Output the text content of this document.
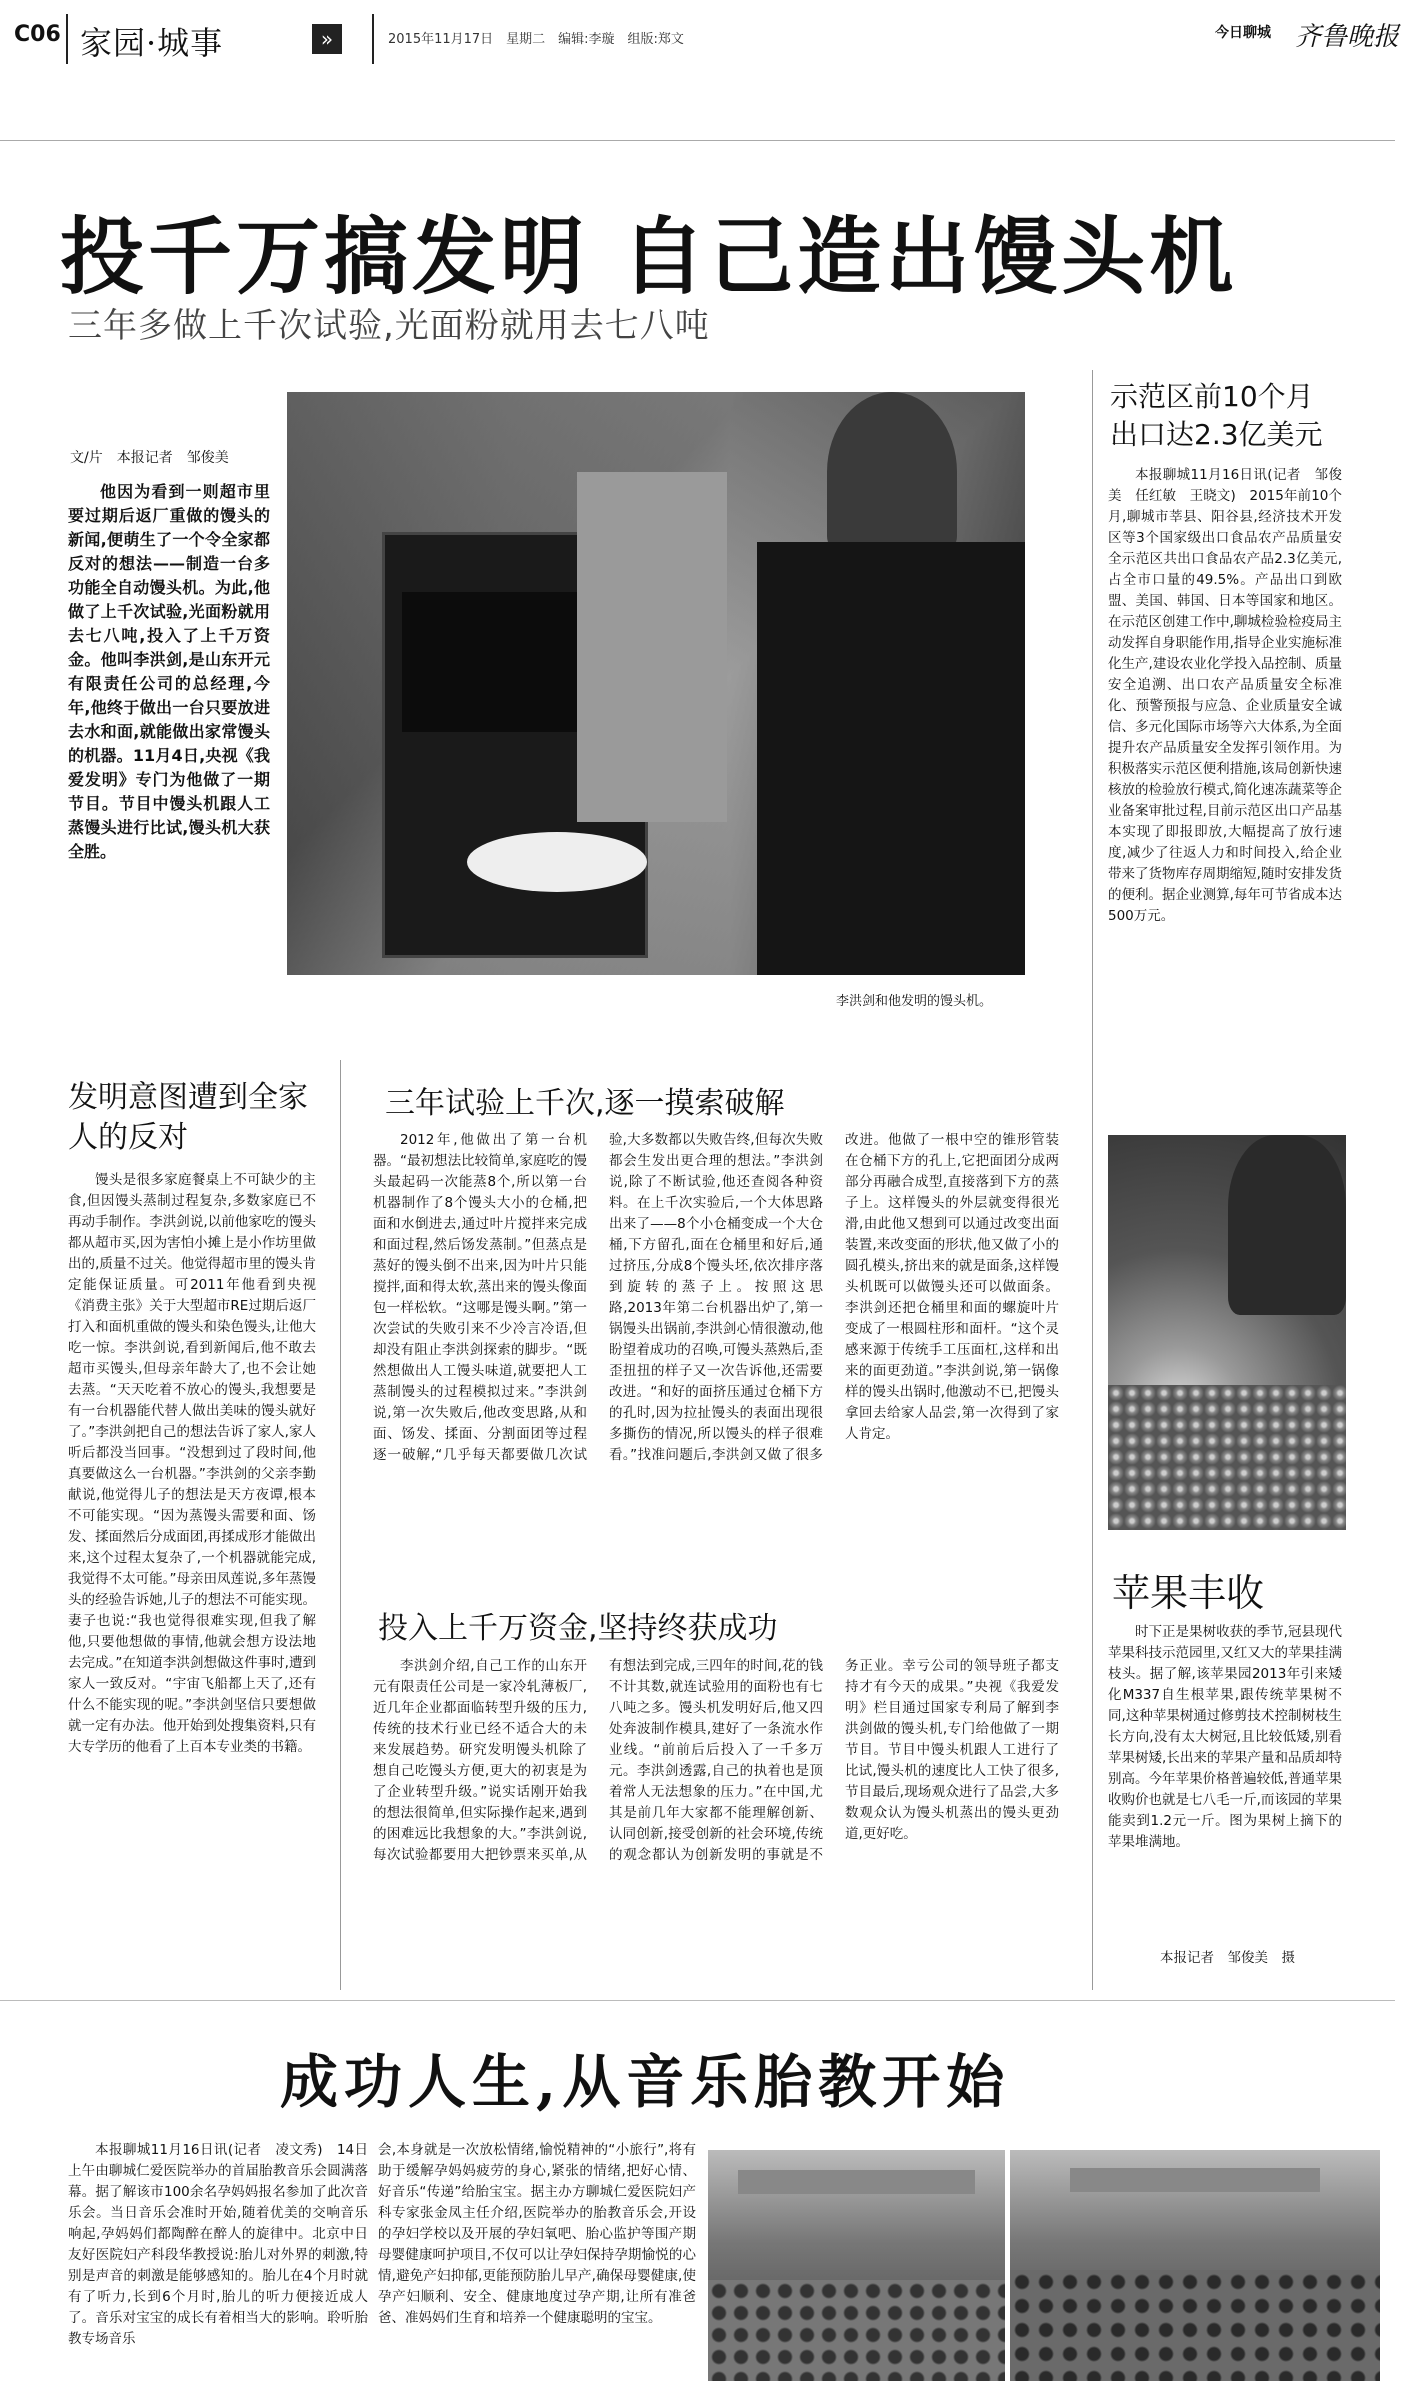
C06 家园·城事	»	2015年11月17日　星期二　编辑:李璇　组版:郑文	今日聊城 齐鲁晚报
投千万搞发明 自己造出馒头机
三年多做上千次试验,光面粉就用去七八吨
李洪剑和他发明的馒头机。
文/片　本报记者　邹俊美
他因为看到一则超市里要过期后返厂重做的馒头的新闻,便萌生了一个令全家都反对的想法——制造一台多功能全自动馒头机。为此,他做了上千次试验,光面粉就用去七八吨,投入了上千万资金。他叫李洪剑,是山东开元有限责任公司的总经理,今年,他终于做出一台只要放进去水和面,就能做出家常馒头的机器。11月4日,央视《我爱发明》专门为他做了一期节目。节目中馒头机跟人工蒸馒头进行比试,馒头机大获全胜。
示范区前10个月
出口达2.3亿美元
本报聊城11月16日讯(记者　邹俊美　任红敏　王晓文)　2015年前10个月,聊城市莘县、阳谷县,经济技术开发区等3个国家级出口食品农产品质量安全示范区共出口食品农产品2.3亿美元,占全市口量的49.5%。产品出口到欧盟、美国、韩国、日本等国家和地区。在示范区创建工作中,聊城检验检疫局主动发挥自身职能作用,指导企业实施标准化生产,建设农业化学投入品控制、质量安全追溯、出口农产品质量安全标准化、预警预报与应急、企业质量安全诚信、多元化国际市场等六大体系,为全面提升农产品质量安全发挥引领作用。为积极落实示范区便利措施,该局创新快速核放的检验放行模式,简化速冻蔬菜等企业备案审批过程,目前示范区出口产品基本实现了即报即放,大幅提高了放行速度,减少了往返人力和时间投入,给企业带来了货物库存周期缩短,随时安排发货的便利。据企业测算,每年可节省成本达500万元。
发明意图遭到全家人的反对
馒头是很多家庭餐桌上不可缺少的主食,但因馒头蒸制过程复杂,多数家庭已不再动手制作。李洪剑说,以前他家吃的馒头都从超市买,因为害怕小摊上是小作坊里做出的,质量不过关。他觉得超市里的馒头肯定能保证质量。可2011年他看到央视《消费主张》关于大型超市RE过期后返厂打入和面机重做的馒头和染色馒头,让他大吃一惊。李洪剑说,看到新闻后,他不敢去超市买馒头,但母亲年龄大了,也不会让她去蒸。“天天吃着不放心的馒头,我想要是有一台机器能代替人做出美味的馒头就好了。”李洪剑把自己的想法告诉了家人,家人听后都没当回事。“没想到过了段时间,他真要做这么一台机器。”李洪剑的父亲李勤献说,他觉得儿子的想法是天方夜谭,根本不可能实现。“因为蒸馒头需要和面、饧发、揉面然后分成面团,再揉成形才能做出来,这个过程太复杂了,一个机器就能完成,我觉得不太可能。”母亲田凤莲说,多年蒸馒头的经验告诉她,儿子的想法不可能实现。妻子也说:“我也觉得很难实现,但我了解他,只要他想做的事情,他就会想方设法地去完成。”在知道李洪剑想做这件事时,遭到家人一致反对。“宇宙飞船都上天了,还有什么不能实现的呢。”李洪剑坚信只要想做就一定有办法。他开始到处搜集资料,只有大专学历的他看了上百本专业类的书籍。
三年试验上千次,逐一摸索破解
2012年,他做出了第一台机器。“最初想法比较简单,家庭吃的馒头最起码一次能蒸8个,所以第一台机器制作了8个馒头大小的仓桶,把面和水倒进去,通过叶片搅拌来完成和面过程,然后饧发蒸制。”但蒸点是蒸好的馒头倒不出来,因为叶片只能搅拌,面和得太软,蒸出来的馒头像面包一样松软。“这哪是馒头啊。”第一次尝试的失败引来不少冷言冷语,但却没有阻止李洪剑探索的脚步。“既然想做出人工馒头味道,就要把人工蒸制馒头的过程模拟过来。”李洪剑说,第一次失败后,他改变思路,从和面、饧发、揉面、分割面团等过程逐一破解,“几乎每天都要做几次试验,大多数都以失败告终,但每次失败都会生发出更合理的想法。”李洪剑说,除了不断试验,他还查阅各种资料。在上千次实验后,一个大体思路出来了——8个小仓桶变成一个大仓桶,下方留孔,面在仓桶里和好后,通过挤压,分成8个馒头坯,依次排序落到旋转的蒸子上。按照这思路,2013年第二台机器出炉了,第一锅馒头出锅前,李洪剑心情很激动,他盼望着成功的召唤,可馒头蒸熟后,歪歪扭扭的样子又一次告诉他,还需要改进。“和好的面挤压通过仓桶下方的孔时,因为拉扯馒头的表面出现很多撕伤的情况,所以馒头的样子很难看。”找准问题后,李洪剑又做了很多改进。他做了一根中空的锥形管装在仓桶下方的孔上,它把面团分成两部分再融合成型,直接落到下方的蒸子上。这样馒头的外层就变得很光滑,由此他又想到可以通过改变出面装置,来改变面的形状,他又做了小的圆孔模头,挤出来的就是面条,这样馒头机既可以做馒头还可以做面条。李洪剑还把仓桶里和面的螺旋叶片变成了一根圆柱形和面杆。“这个灵感来源于传统手工压面杠,这样和出来的面更劲道。”李洪剑说,第一锅像样的馒头出锅时,他激动不已,把馒头拿回去给家人品尝,第一次得到了家人肯定。
投入上千万资金,坚持终获成功
李洪剑介绍,自己工作的山东开元有限责任公司是一家冷轧薄板厂,近几年企业都面临转型升级的压力,传统的技术行业已经不适合大的未来发展趋势。研究发明馒头机除了想自己吃馒头方便,更大的初衷是为了企业转型升级。”说实话刚开始我的想法很简单,但实际操作起来,遇到的困难远比我想象的大。”李洪剑说,每次试验都要用大把钞票来买单,从有想法到完成,三四年的时间,花的钱不计其数,就连试验用的面粉也有七八吨之多。馒头机发明好后,他又四处奔波制作模具,建好了一条流水作业线。“前前后后投入了一千多万元。李洪剑透露,自己的执着也是顶着常人无法想象的压力。”在中国,尤其是前几年大家都不能理解创新、认同创新,接受创新的社会环境,传统的观念都认为创新发明的事就是不务正业。幸亏公司的领导班子都支持才有今天的成果。”央视《我爱发明》栏目通过国家专利局了解到李洪剑做的馒头机,专门给他做了一期节目。节目中馒头机跟人工进行了比试,馒头机的速度比人工快了很多,节目最后,现场观众进行了品尝,大多数观众认为馒头机蒸出的馒头更劲道,更好吃。
苹果丰收
时下正是果树收获的季节,冠县现代苹果科技示范园里,又红又大的苹果挂满枝头。据了解,该苹果园2013年引来矮化M337自生根苹果,跟传统苹果树不同,这种苹果树通过修剪技术控制树枝生长方向,没有太大树冠,且比较低矮,别看苹果树矮,长出来的苹果产量和品质却特别高。今年苹果价格普遍较低,普通苹果收购价也就是七八毛一斤,而该园的苹果能卖到1.2元一斤。图为果树上摘下的苹果堆满地。
本报记者　邹俊美　摄
成功人生,从音乐胎教开始
本报聊城11月16日讯(记者　凌文秀)　14日上午由聊城仁爱医院举办的首届胎教音乐会圆满落幕。据了解该市100余名孕妈妈报名参加了此次音乐会。当日音乐会准时开始,随着优美的交响音乐响起,孕妈妈们都陶醉在醉人的旋律中。北京中日友好医院妇产科段华教授说:胎儿对外界的刺激,特别是声音的刺激是能够感知的。胎儿在4个月时就有了听力,长到6个月时,胎儿的听力便接近成人了。音乐对宝宝的成长有着相当大的影响。聆听胎教专场音乐
会,本身就是一次放松情绪,愉悦精神的“小旅行”,将有助于缓解孕妈妈疲劳的身心,紧张的情绪,把好心情、好音乐“传递”给胎宝宝。据主办方聊城仁爱医院妇产科专家张金凤主任介绍,医院举办的胎教音乐会,开设的孕妇学校以及开展的孕妇氧吧、胎心监护等围产期母婴健康呵护项目,不仅可以让孕妇保持孕期愉悦的心情,避免产妇抑郁,更能预防胎儿早产,确保母婴健康,使孕产妇顺利、安全、健康地度过孕产期,让所有准爸爸、准妈妈们生育和培养一个健康聪明的宝宝。
